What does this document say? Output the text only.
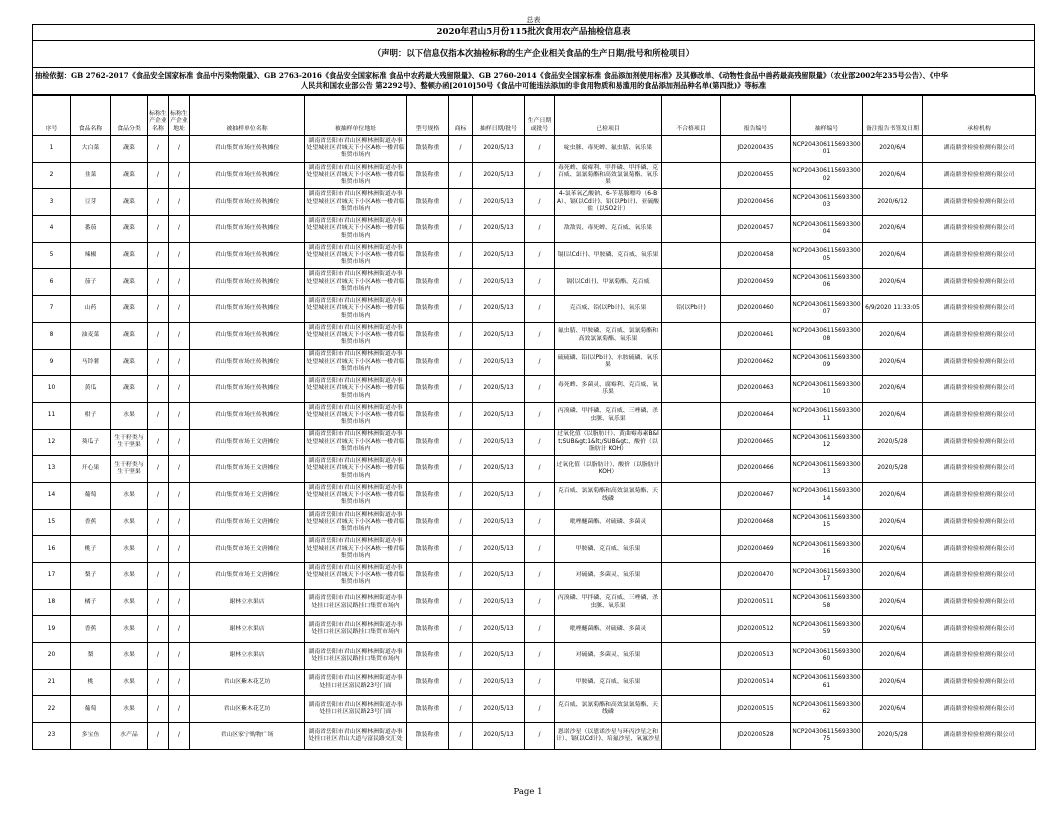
总表
2020年君山5月份115批次食用农产品抽检信息表
（声明：以下信息仅指本次抽检标称的生产企业相关食品的生产日期/批号和所检项目）
抽检依据：GB 2762-2017《食品安全国家标准 食品中污染物限量》、GB 2763-2016《食品安全国家标准 食品中农药最大残留限量》、GB 2760-2014《食品安全国家标准 食品添加剂使用标准》及其修改单、《动物性食品中兽药最高残留限量》（农业部2002年235号公告）、《中华
人民共和国农业部公告 第2292号》、整顿办函[2010]50号《食品中可能违法添加的非食用物质和易滥用的食品添加剂品种名单(第四批)》等标准
序号	食品名称	食品分类	标称生产企业名称	标称生产企业地址	被抽样单位名称	被抽样单位地址	型号规格	商标	抽样日期/批号	生产日期或批号	已检项目	不合格项目	报告编号	抽样编号	备注报告书签发日期	承检机构
1	大白菜	蔬菜	/	/	君山集贸市场庄传秋摊位	湖南省岳阳市君山区柳林洲街道办事处望城社区君城天下小区A栋一楼君临集贸市场内	散装称重	/	2020/5/13	/	啶虫脒、毒死蜱、氟虫腈、氧乐果		JD20200435	NCP20430611569330001	2020/6/4	湖南鼎誉检验检测有限公司
2	韭菜	蔬菜	/	/	君山集贸市场庄传秋摊位	湖南省岳阳市君山区柳林洲街道办事处望城社区君城天下小区A栋一楼君临集贸市场内	散装称重	/	2020/5/13	/	毒死蜱、腐霉利、甲拌磷、甲拌磷、克百威、氯氰菊酯和高效氯氰菊酯、氧乐果		JD20200455	NCP20430611569330002	2020/6/4	湖南鼎誉检验检测有限公司
3	豆芽	蔬菜	/	/	君山集贸市场庄传秋摊位	湖南省岳阳市君山区柳林洲街道办事处望城社区君城天下小区A栋一楼君临集贸市场内	散装称重	/	2020/5/13	/	4-氯苯氧乙酸钠、6-苄基腺嘌呤（6-BA）、镉(以Cd计)、铅(以Pb计)、亚硫酸盐（以SO2计）		JD20200456	NCP20430611569330003	2020/6/12	湖南鼎誉检验检测有限公司
4	番茄	蔬菜	/	/	君山集贸市场庄传秋摊位	湖南省岳阳市君山区柳林洲街道办事处望城社区君城天下小区A栋一楼君临集贸市场内	散装称重	/	2020/5/13	/	敌敌畏、毒死蜱、克百威、氧乐果		JD20200457	NCP20430611569330004	2020/6/4	湖南鼎誉检验检测有限公司
5	辣椒	蔬菜	/	/	君山集贸市场庄传秋摊位	湖南省岳阳市君山区柳林洲街道办事处望城社区君城天下小区A栋一楼君临集贸市场内	散装称重	/	2020/5/13	/	镉(以Cd计)、甲胺磷、克百威、氧乐果		JD20200458	NCP20430611569330005	2020/6/4	湖南鼎誉检验检测有限公司
6	茄子	蔬菜	/	/	君山集贸市场庄传秋摊位	湖南省岳阳市君山区柳林洲街道办事处望城社区君城天下小区A栋一楼君临集贸市场内	散装称重	/	2020/5/13	/	镉(以Cd计)、甲氰菊酯、克百威		JD20200459	NCP20430611569330006	2020/6/4	湖南鼎誉检验检测有限公司
7	山药	蔬菜	/	/	君山集贸市场庄传秋摊位	湖南省岳阳市君山区柳林洲街道办事处望城社区君城天下小区A栋一楼君临集贸市场内	散装称重	/	2020/5/13	/	克百威、铅(以Pb计)、氧乐果	铅(以Pb计)	JD20200460	NCP20430611569330007	6/9/2020 11:33:05	湖南鼎誉检验检测有限公司
8	油麦菜	蔬菜	/	/	君山集贸市场庄传秋摊位	湖南省岳阳市君山区柳林洲街道办事处望城社区君城天下小区A栋一楼君临集贸市场内	散装称重	/	2020/5/13	/	氟虫腈、甲胺磷、克百威、氯氰菊酯和高效氯氰菊酯、氧乐果		JD20200461	NCP20430611569330008	2020/6/4	湖南鼎誉检验检测有限公司
9	马铃薯	蔬菜	/	/	君山集贸市场庄传秋摊位	湖南省岳阳市君山区柳林洲街道办事处望城社区君城天下小区A栋一楼君临集贸市场内	散装称重	/	2020/5/13	/	硫硫磷、铅(以Pb计)、水胺硫磷、氧乐果		JD20200462	NCP20430611569330009	2020/6/4	湖南鼎誉检验检测有限公司
10	黄瓜	蔬菜	/	/	君山集贸市场庄传秋摊位	湖南省岳阳市君山区柳林洲街道办事处望城社区君城天下小区A栋一楼君临集贸市场内	散装称重	/	2020/5/13	/	毒死蜱、多菌灵、腐霉利、克百威、氧乐果		JD20200463	NCP20430611569330010	2020/6/4	湖南鼎誉检验检测有限公司
11	柑子	水果	/	/	君山集贸市场庄传秋摊位	湖南省岳阳市君山区柳林洲街道办事处望城社区君城天下小区A栋一楼君临集贸市场内	散装称重	/	2020/5/13	/	丙溴磷、甲拌磷、克百威、三唑磷、杀虫脒、氧乐果		JD20200464	NCP20430611569330011	2020/6/4	湖南鼎誉检验检测有限公司
12	葵瓜子	生干籽类与生干坚果	/	/	君山集贸市场王文唐摊位	湖南省岳阳市君山区柳林洲街道办事处望城社区君城天下小区A栋一楼君临集贸市场内	散装称重	/	2020/5/13	/	过氧化值（以脂肪计）、黄曲霉毒素B&lt;SUB&gt;1&lt;/SUB&gt;、酸价（以脂肪计 KOH）		JD20200465	NCP20430611569330012	2020/5/28	湖南鼎誉检验检测有限公司
13	开心果	生干籽类与生干坚果	/	/	君山集贸市场王文唐摊位	湖南省岳阳市君山区柳林洲街道办事处望城社区君城天下小区A栋一楼君临集贸市场内	散装称重	/	2020/5/13	/	过氧化值（以脂肪计）、酸价（以脂肪计 KOH）		JD20200466	NCP20430611569330013	2020/5/28	湖南鼎誉检验检测有限公司
14	葡萄	水果	/	/	君山集贸市场王文唐摊位	湖南省岳阳市君山区柳林洲街道办事处望城社区君城天下小区A栋一楼君临集贸市场内	散装称重	/	2020/5/13	/	克百威、氯氰菊酯和高效氯氰菊酯、天线磷		JD20200467	NCP20430611569330014	2020/6/4	湖南鼎誉检验检测有限公司
15	香蕉	水果	/	/	君山集贸市场王文唐摊位	湖南省岳阳市君山区柳林洲街道办事处望城社区君城天下小区A栋一楼君临集贸市场内	散装称重	/	2020/5/13	/	吡唑醚菌酯、对硫磷、多菌灵		JD20200468	NCP20430611569330015	2020/6/4	湖南鼎誉检验检测有限公司
16	桃子	水果	/	/	君山集贸市场王文唐摊位	湖南省岳阳市君山区柳林洲街道办事处望城社区君城天下小区A栋一楼君临集贸市场内	散装称重	/	2020/5/13	/	甲胺磷、克百威、氧乐果		JD20200469	NCP20430611569330016	2020/6/4	湖南鼎誉检验检测有限公司
17	梨子	水果	/	/	君山集贸市场王文唐摊位	湖南省岳阳市君山区柳林洲街道办事处望城社区君城天下小区A栋一楼君临集贸市场内	散装称重	/	2020/5/13	/	对硫磷、多菌灵、氧乐果		JD20200470	NCP20430611569330017	2020/6/4	湖南鼎誉检验检测有限公司
18	橘子	水果	/	/	谢林立水果店	湖南省岳阳市君山区柳林洲街道办事处挂口社区富民路挂口集贸市场内	散装称重	/	2020/5/13	/	丙溴磷、甲拌磷、克百威、三唑磷、杀虫脒、氧乐果		JD20200511	NCP20430611569330058	2020/6/4	湖南鼎誉检验检测有限公司
19	香蕉	水果	/	/	谢林立水果店	湖南省岳阳市君山区柳林洲街道办事处挂口社区富民路挂口集贸市场内	散装称重	/	2020/5/13	/	吡唑醚菌酯、对硫磷、多菌灵		JD20200512	NCP20430611569330059	2020/6/4	湖南鼎誉检验检测有限公司
20	梨	水果	/	/	谢林立水果店	湖南省岳阳市君山区柳林洲街道办事处挂口社区富民路挂口集贸市场内	散装称重	/	2020/5/13	/	对硫磷、多菌灵、氧乐果		JD20200513	NCP20430611569330060	2020/6/4	湖南鼎誉检验检测有限公司
21	桃	水果	/	/	君山区紫木花艺坊	湖南省岳阳市君山区柳林洲街道办事处挂口社区富民路23号门面	散装称重	/	2020/5/13	/	甲胺磷、克百威、氧乐果		JD20200514	NCP20430611569330061	2020/6/4	湖南鼎誉检验检测有限公司
22	葡萄	水果	/	/	君山区紫木花艺坊	湖南省岳阳市君山区柳林洲街道办事处挂口社区富民路23号门面	散装称重	/	2020/5/13	/	克百威、氯氰菊酯和高效氯氰菊酯、天线磷		JD20200515	NCP20430611569330062	2020/6/4	湖南鼎誉检验检测有限公司
23	多宝鱼	水产品	/	/	君山区家宁购物广场	湖南省岳阳市君山区柳林洲街道办事处挂口社区君山大道与富民路交汇处	散装称重	/	2020/5/13	/	恩诺沙星（以恩诺沙星与环丙沙星之和计）、镉(以Cd计)、培氟沙星、氧氟沙星		JD20200528	NCP20430611569330075	2020/5/28	湖南鼎誉检验检测有限公司
Page 1
